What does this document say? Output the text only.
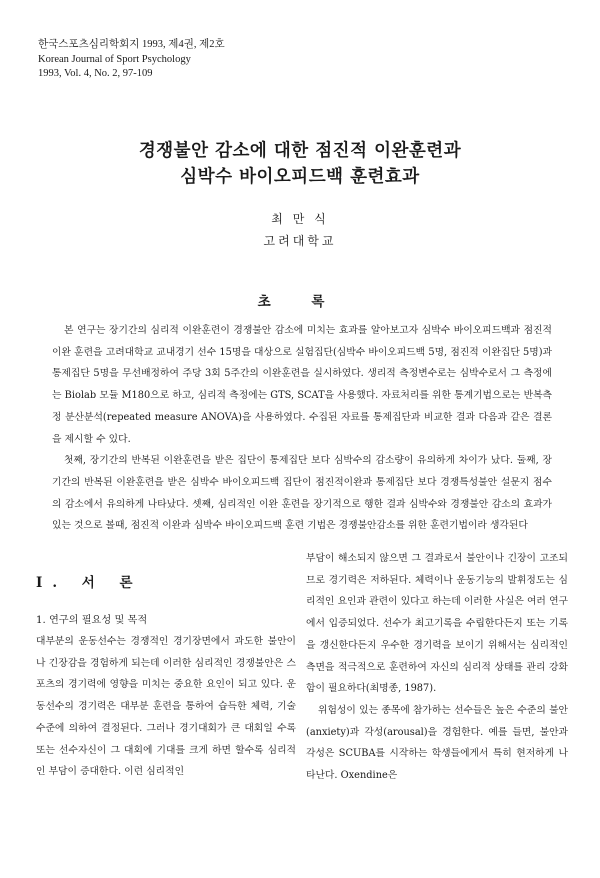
한국스포츠심리학회지 1993, 제4권, 제2호
Korean Journal of Sport Psychology
1993, Vol. 4, No. 2, 97-109
경쟁불안 감소에 대한 점진적 이완훈련과
심박수 바이오피드백 훈련효과
최 만 식
고려대학교
초 록

본 연구는 장기간의 심리적 이완훈련이 경쟁불안 감소에 미치는 효과를 알아보고자 심박수 바이오피드백과 점진적 이완 훈련을 고려대학교 교내경기 선수 15명을 대상으로 실험집단(심박수 바이오피드백 5명, 점진적 이완집단 5명)과 통제집단 5명을 무선배정하여 주당 3회 5주간의 이완훈련을 실시하였다. 생리적 측정변수로는 심박수로서 그 측정에는 Biolab 모듈 M180으로 하고, 심리적 측정에는 GTS, SCAT을 사용했다. 자료처리를 위한 통계기법으로는 반복측정 분산분석(repeated measure ANOVA)을 사용하였다. 수집된 자료를 통제집단과 비교한 결과 다음과 같은 결론을 제시할 수 있다.

첫째, 장기간의 반복된 이완훈련을 받은 집단이 통제집단 보다 심박수의 감소량이 유의하게 차이가 났다. 둘째, 장기간의 반복된 이완훈련을 받은 심박수 바이오피드백 집단이 점진적이완과 통제집단 보다 경쟁특성불안 설문지 점수의 감소에서 유의하게 나타났다. 셋째, 심리적인 이완 훈련을 장기적으로 행한 결과 심박수와 경쟁불안 감소의 효과가 있는 것으로 볼때, 점진적 이완과 심박수 바이오피드백 훈련 기법은 경쟁불안감소를 위한 훈련기법이라 생각된다

Ⅰ. 서 론
1. 연구의 필요성 및 목적

대부분의 운동선수는 경쟁적인 경기장면에서 과도한 불안이나 긴장감을 경험하게 되는데 이러한 심리적인 경쟁불안은 스포츠의 경기력에 영향을 미치는 중요한 요인이 되고 있다. 운동선수의 경기력은 대부분 훈련을 통하여 습득한 체력, 기술수준에 의하여 결정된다. 그러나 경기대회가 큰 대회일 수록 또는 선수자신이 그 대회에 기대를 크게 하면 할수록 심리적인 부담이 증대한다. 이런 심리적인

부담이 해소되지 않으면 그 결과로서 불안이나 긴장이 고조되므로 경기력은 저하된다. 체력이나 운동기능의 발휘정도는 심리적인 요인과 관련이 있다고 하는데 이러한 사실은 여러 연구에서 입증되었다. 선수가 최고기록을 수립한다든지 또는 기록을 갱신한다든지 우수한 경기력을 보이기 위해서는 심리적인 측면을 적극적으로 훈련하여 자신의 심리적 상태를 관리 강화함이 필요하다(최명종, 1987).

위험성이 있는 종목에 참가하는 선수들은 높은 수준의 불안(anxiety)과 각성(arousal)을 경험한다. 예를 들면, 불안과 각성은 SCUBA를 시작하는 학생들에게서 특히 현저하게 나타난다. Oxendine은
